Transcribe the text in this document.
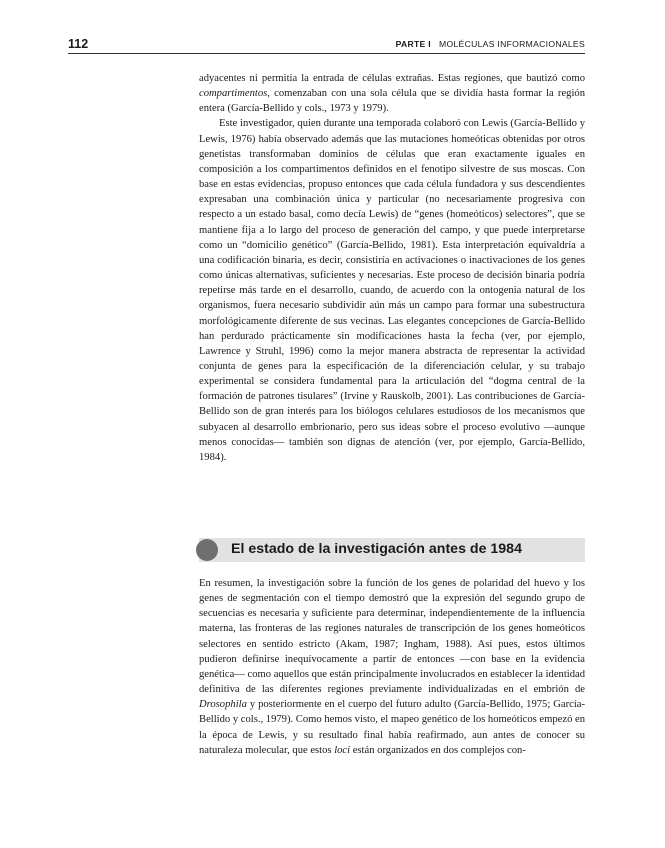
112	PARTE I MOLÉCULAS INFORMACIONALES

adyacentes ni permitía la entrada de células extrañas. Estas regiones, que bautizó como compartimentos, comenzaban con una sola célula que se dividía hasta formar la región entera (García-Bellido y cols., 1973 y 1979).

Este investigador, quien durante una temporada colaboró con Lewis (García-Bellido y Lewis, 1976) había observado además que las mutaciones homeóticas obtenidas por otros genetistas transformaban dominios de células que eran exactamente iguales en composición a los compartimentos definidos en el fenotipo silvestre de sus moscas. Con base en estas evidencias, propuso entonces que cada célula fundadora y sus descendientes expresaban una combinación única y particular (no necesariamente progresiva con respecto a un estado basal, como decía Lewis) de “genes (homeóticos) selectores”, que se mantiene fija a lo largo del proceso de generación del campo, y que puede interpretarse como un “domicilio genético” (García-Bellido, 1981). Esta interpretación equivaldría a una codificación binaria, es decir, consistiría en activaciones o inactivaciones de los genes como únicas alternativas, suficientes y necesarias. Este proceso de decisión binaria podría repetirse más tarde en el desarrollo, cuando, de acuerdo con la ontogenia natural de los organismos, fuera necesario subdividir aún más un campo para formar una subestructura morfológicamente diferente de sus vecinas. Las elegantes concepciones de García-Bellido han perdurado prácticamente sin modificaciones hasta la fecha (ver, por ejemplo, Lawrence y Struhl, 1996) como la mejor manera abstracta de representar la actividad conjunta de genes para la especificación de la diferenciación celular, y su trabajo experimental se considera fundamental para la articulación del “dogma central de la formación de patrones tisulares” (Irvine y Rauskolb, 2001). Las contribuciones de García-Bellido son de gran interés para los biólogos celulares estudiosos de los mecanismos que subyacen al desarrollo embrionario, pero sus ideas sobre el proceso evolutivo —aunque menos conocidas— también son dignas de atención (ver, por ejemplo, García-Bellido, 1984).

El estado de la investigación antes de 1984

En resumen, la investigación sobre la función de los genes de polaridad del huevo y los genes de segmentación con el tiempo demostró que la expresión del segundo grupo de secuencias es necesaria y suficiente para determinar, independientemente de la influencia materna, las fronteras de las regiones naturales de transcripción de los genes homeóticos selectores en sentido estricto (Akam, 1987; Ingham, 1988). Así pues, estos últimos pudieron definirse inequívocamente a partir de entonces —con base en la evidencia genética— como aquellos que están principalmente involucrados en establecer la identidad definitiva de las diferentes regiones previamente individualizadas en el embrión de Drosophila y posteriormente en el cuerpo del futuro adulto (García-Bellido, 1975; García-Bellido y cols., 1979). Como hemos visto, el mapeo genético de los homeóticos empezó en la época de Lewis, y su resultado final había reafirmado, aun antes de conocer su naturaleza molecular, que estos loci están organizados en dos complejos con-
